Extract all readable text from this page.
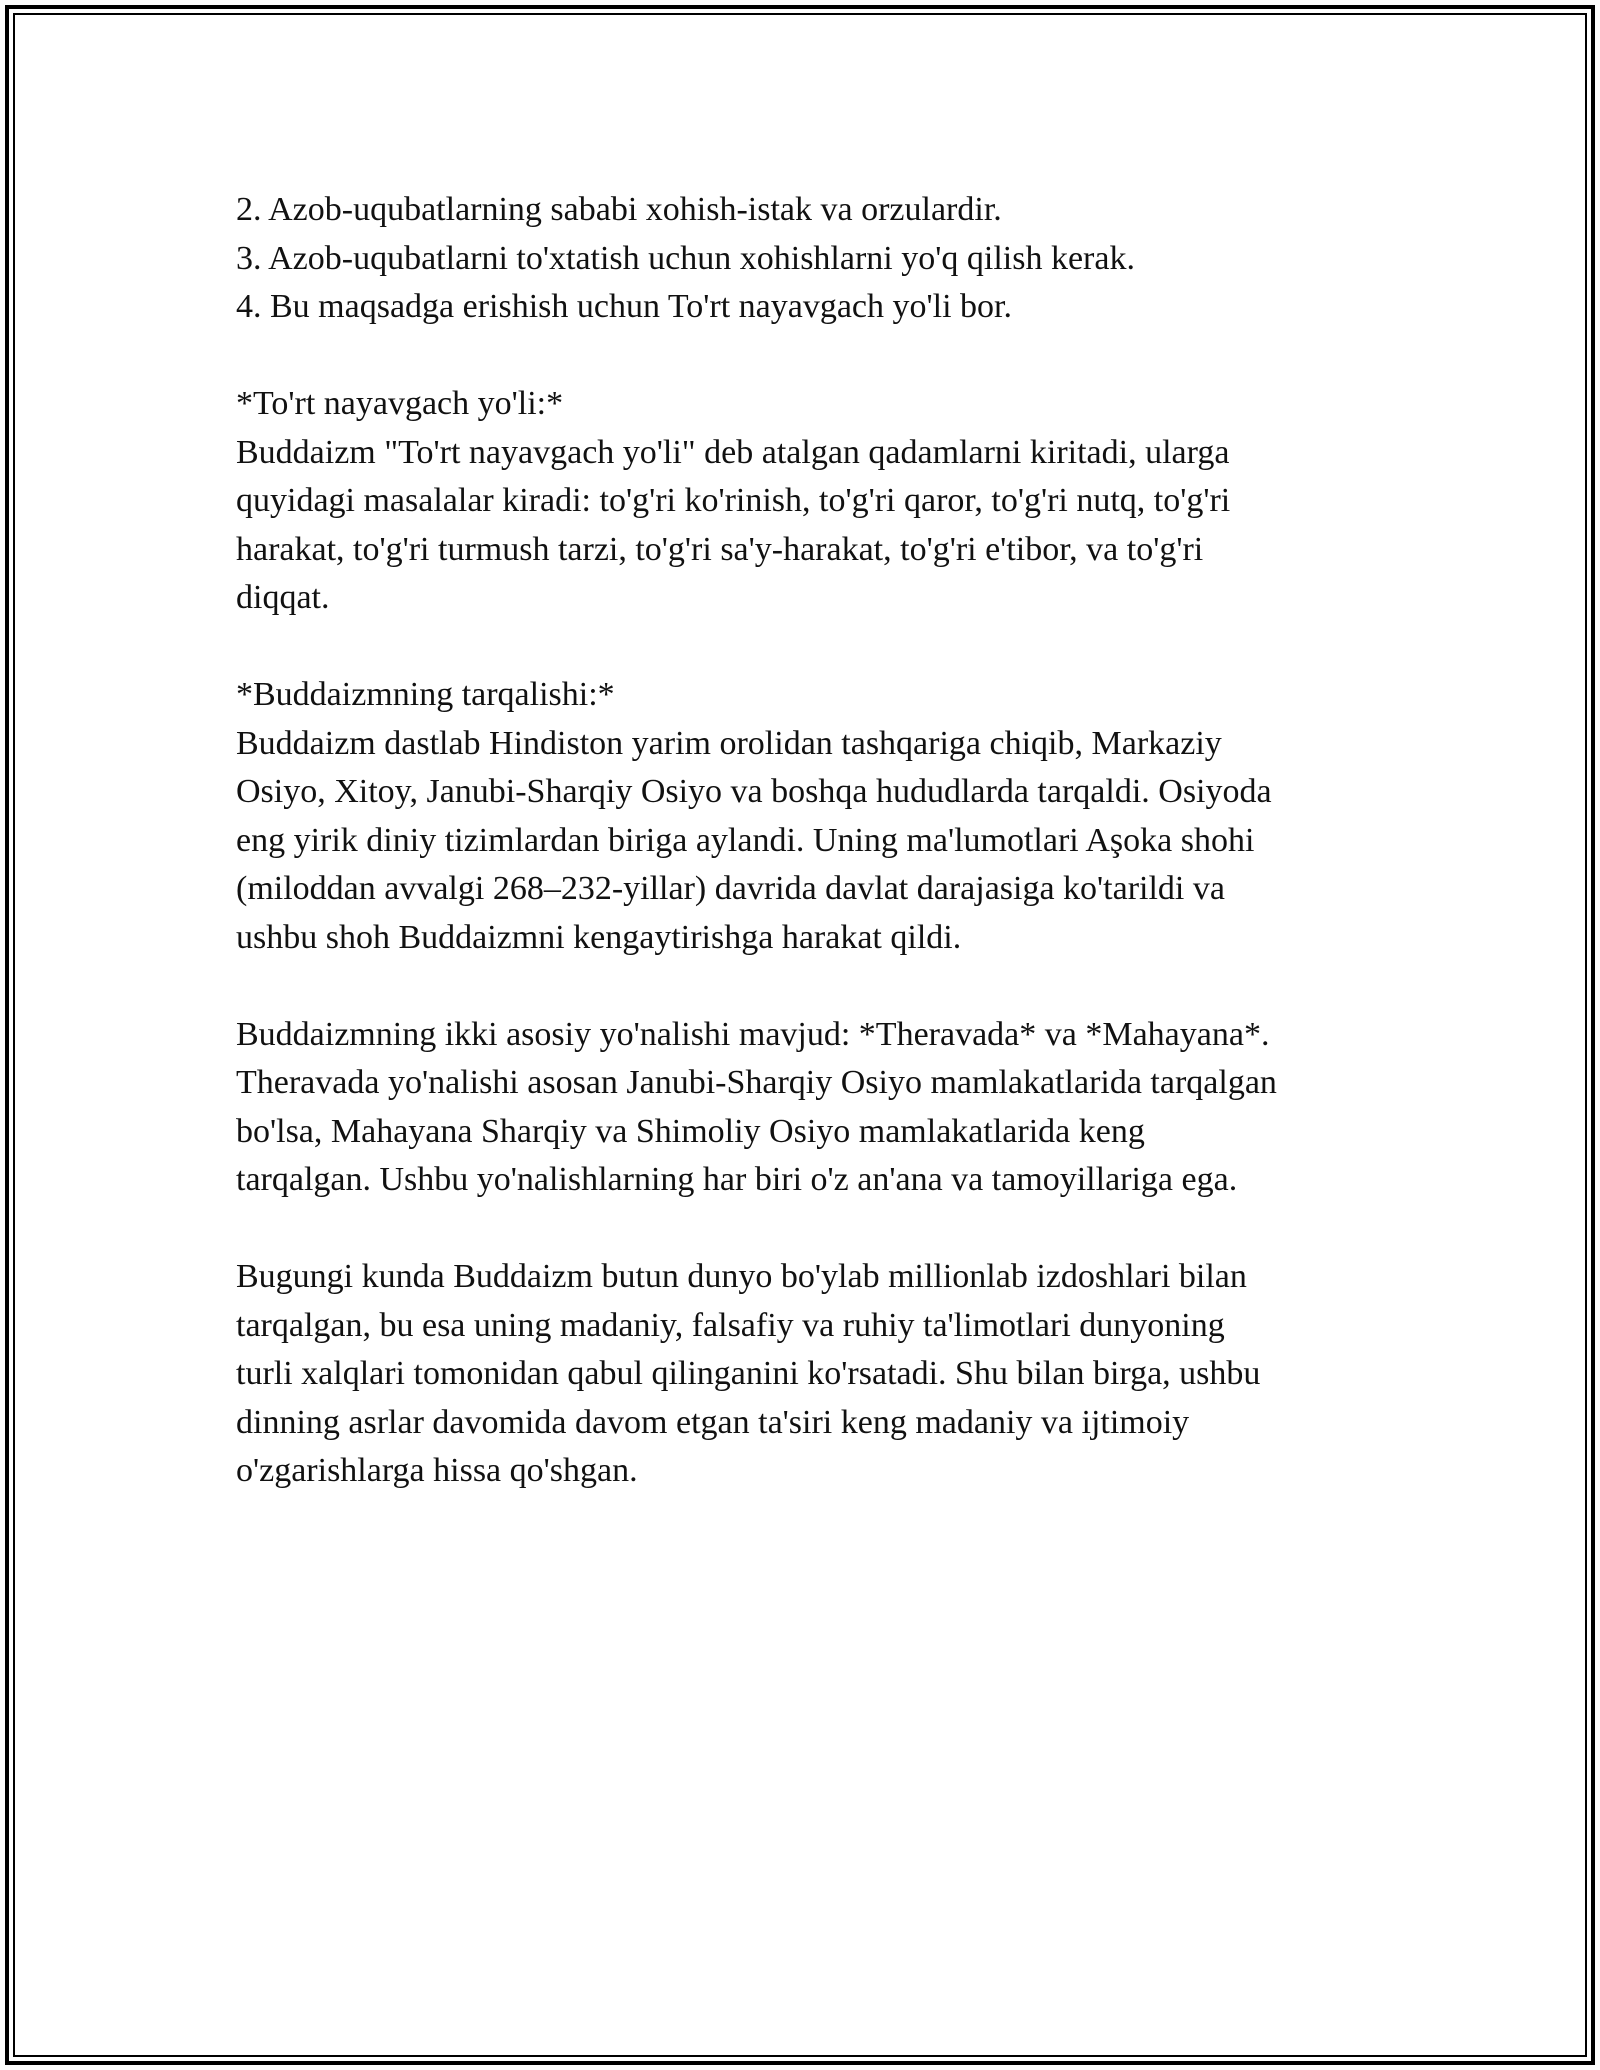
2. Azob-uqubatlarning sababi xohish-istak va orzulardir.

3. Azob-uqubatlarni to'xtatish uchun xohishlarni yo'q qilish kerak.

4. Bu maqsadga erishish uchun To'rt nayavgach yo'li bor.

*To'rt nayavgach yo'li:*

Buddaizm "To'rt nayavgach yo'li" deb atalgan qadamlarni kiritadi, ularga

quyidagi masalalar kiradi: to'g'ri ko'rinish, to'g'ri qaror, to'g'ri nutq, to'g'ri

harakat, to'g'ri turmush tarzi, to'g'ri sa'y-harakat, to'g'ri e'tibor, va to'g'ri

diqqat.

*Buddaizmning tarqalishi:*

Buddaizm dastlab Hindiston yarim orolidan tashqariga chiqib, Markaziy

Osiyo, Xitoy, Janubi-Sharqiy Osiyo va boshqa hududlarda tarqaldi. Osiyoda

eng yirik diniy tizimlardan biriga aylandi. Uning ma'lumotlari Aşoka shohi

(miloddan avvalgi 268–232-yillar) davrida davlat darajasiga ko'tarildi va

ushbu shoh Buddaizmni kengaytirishga harakat qildi.

Buddaizmning ikki asosiy yo'nalishi mavjud: *Theravada* va *Mahayana*.

Theravada yo'nalishi asosan Janubi-Sharqiy Osiyo mamlakatlarida tarqalgan

bo'lsa, Mahayana Sharqiy va Shimoliy Osiyo mamlakatlarida keng

tarqalgan. Ushbu yo'nalishlarning har biri o'z an'ana va tamoyillariga ega.

Bugungi kunda Buddaizm butun dunyo bo'ylab millionlab izdoshlari bilan

tarqalgan, bu esa uning madaniy, falsafiy va ruhiy ta'limotlari dunyoning

turli xalqlari tomonidan qabul qilinganini ko'rsatadi. Shu bilan birga, ushbu

dinning asrlar davomida davom etgan ta'siri keng madaniy va ijtimoiy

o'zgarishlarga hissa qo'shgan.
